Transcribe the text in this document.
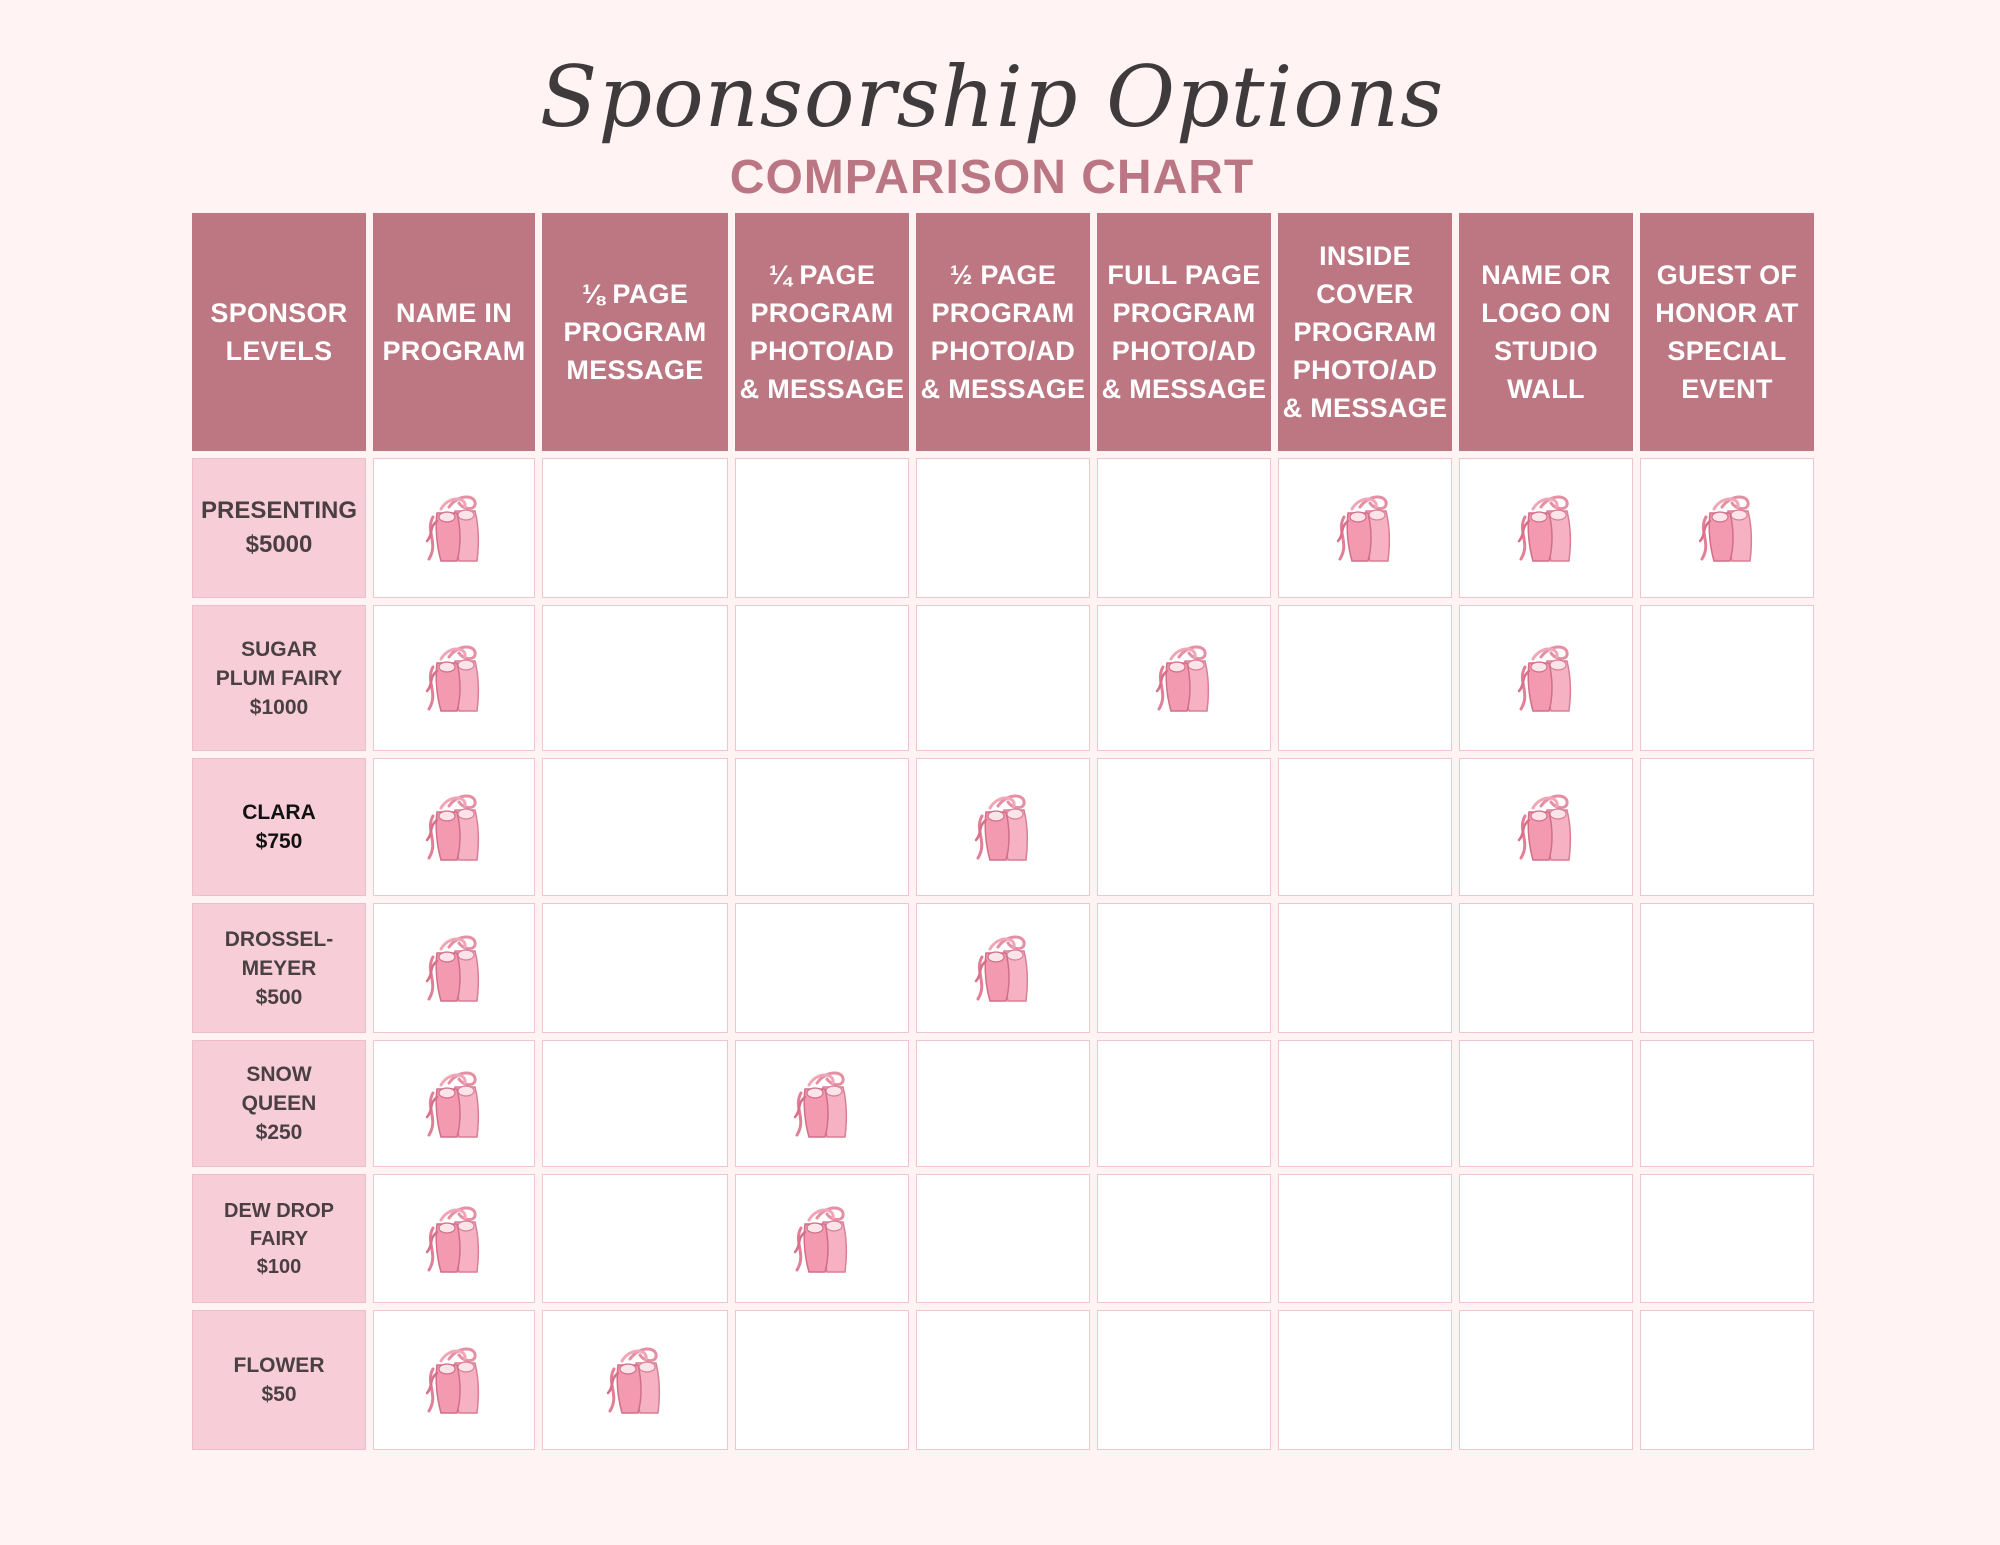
Sponsorship Options
COMPARISON CHART
SPONSOR
LEVELS
NAME IN
PROGRAM
⅛ PAGE
PROGRAM
MESSAGE
¼ PAGE
PROGRAM
PHOTO/AD
& MESSAGE
½ PAGE
PROGRAM
PHOTO/AD
& MESSAGE
FULL PAGE
PROGRAM
PHOTO/AD
& MESSAGE
INSIDE
COVER
PROGRAM
PHOTO/AD
& MESSAGE
NAME OR
LOGO ON
STUDIO
WALL
GUEST OF
HONOR AT
SPECIAL
EVENT
PRESENTING
$5000
SUGAR
PLUM FAIRY
$1000
CLARA
$750
DROSSEL-
MEYER
$500
SNOW
QUEEN
$250
DEW DROP
FAIRY
$100
FLOWER
$50
